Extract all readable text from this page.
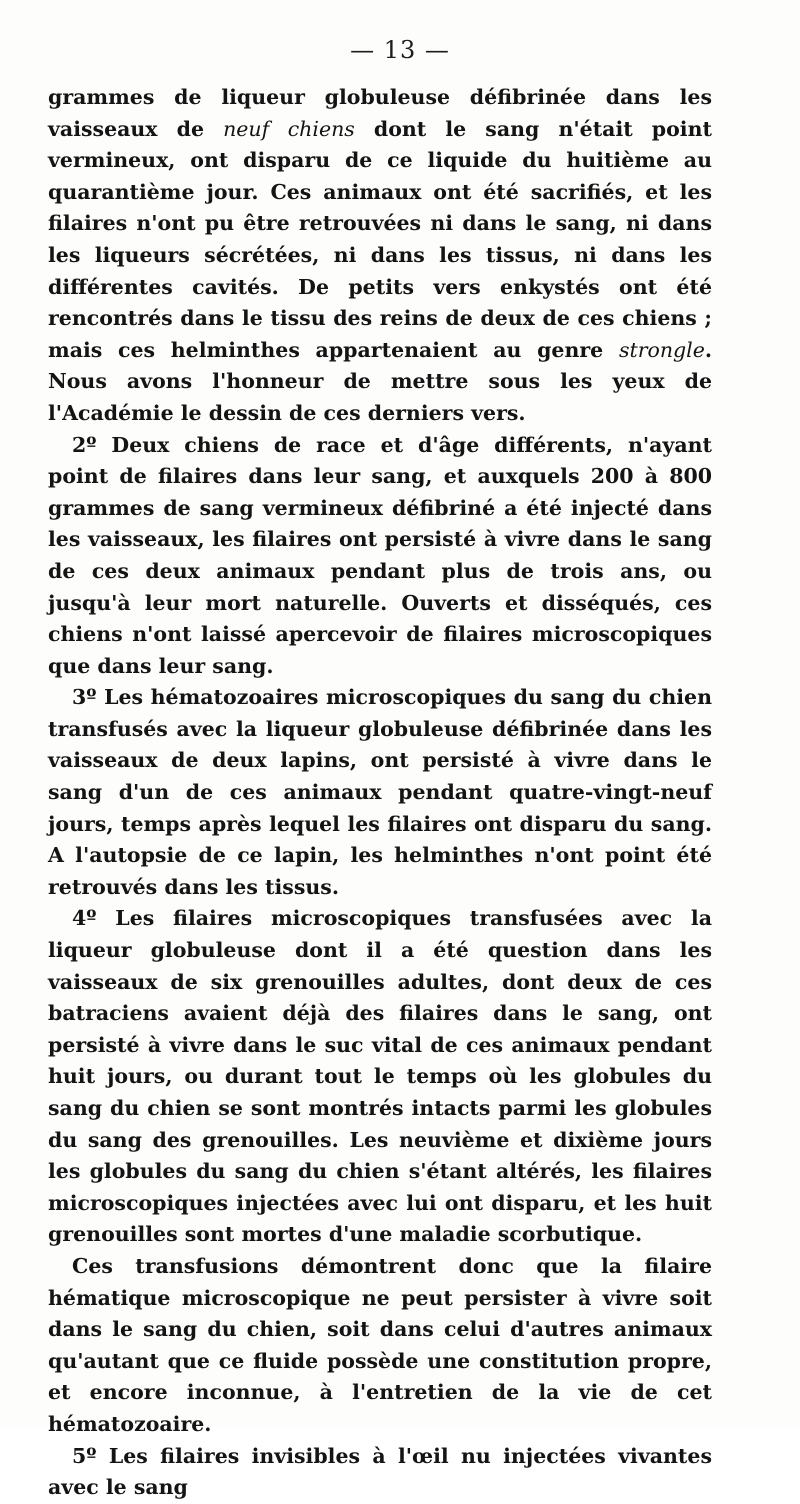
— 13 —

grammes de liqueur globuleuse défibrinée dans les vaisseaux de neuf chiens dont le sang n'était point vermineux, ont disparu de ce liquide du huitième au quarantième jour. Ces animaux ont été sacrifiés, et les filaires n'ont pu être retrouvées ni dans le sang, ni dans les liqueurs sécrétées, ni dans les tissus, ni dans les différentes cavités. De petits vers enkystés ont été rencontrés dans le tissu des reins de deux de ces chiens ; mais ces helminthes appartenaient au genre strongle. Nous avons l'honneur de mettre sous les yeux de l'Académie le dessin de ces derniers vers.

2º Deux chiens de race et d'âge différents, n'ayant point de filaires dans leur sang, et auxquels 200 à 800 grammes de sang vermineux défibriné a été injecté dans les vaisseaux, les filaires ont persisté à vivre dans le sang de ces deux animaux pendant plus de trois ans, ou jusqu'à leur mort naturelle. Ouverts et disséqués, ces chiens n'ont laissé apercevoir de filaires microscopiques que dans leur sang.

3º Les hématozoaires microscopiques du sang du chien transfusés avec la liqueur globuleuse défibrinée dans les vaisseaux de deux lapins, ont persisté à vivre dans le sang d'un de ces animaux pendant quatre-vingt-neuf jours, temps après lequel les filaires ont disparu du sang. A l'autopsie de ce lapin, les helminthes n'ont point été retrouvés dans les tissus.

4º Les filaires microscopiques transfusées avec la liqueur globuleuse dont il a été question dans les vaisseaux de six grenouilles adultes, dont deux de ces batraciens avaient déjà des filaires dans le sang, ont persisté à vivre dans le suc vital de ces animaux pendant huit jours, ou durant tout le temps où les globules du sang du chien se sont montrés intacts parmi les globules du sang des grenouilles. Les neuvième et dixième jours les globules du sang du chien s'étant altérés, les filaires microscopiques injectées avec lui ont disparu, et les huit grenouilles sont mortes d'une maladie scorbutique.

Ces transfusions démontrent donc que la filaire hématique microscopique ne peut persister à vivre soit dans le sang du chien, soit dans celui d'autres animaux qu'autant que ce fluide possède une constitution propre, et encore inconnue, à l'entretien de la vie de cet hématozoaire.

5º Les filaires invisibles à l'œil nu injectées vivantes avec le sang
